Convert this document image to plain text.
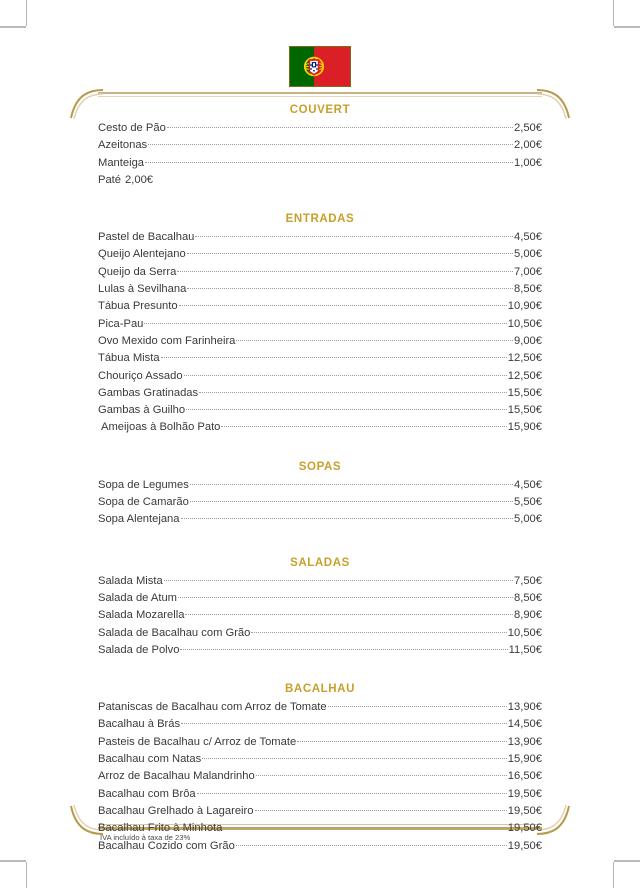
COUVERT
Cesto de Pão	2,50€
Azeitonas	2,00€
Manteiga	1,00€
Paté 2,00€
ENTRADAS
Pastel de Bacalhau	4,50€
Queijo Alentejano	5,00€
Queijo da Serra	7,00€
Lulas à Sevilhana	8,50€
Tábua Presunto	10,90€
Pica-Pau	10,50€
Ovo Mexido com Farinheira	9,00€
Tábua Mista	12,50€
Chouriço Assado	12,50€
Gambas Gratinadas	15,50€
Gambas à Guilho	15,50€
Ameijoas à Bolhão Pato	15,90€
SOPAS
Sopa de Legumes	4,50€
Sopa de Camarão	5,50€
Sopa Alentejana	5,00€
SALADAS
Salada Mista	7,50€
Salada de Atum	8,50€
Salada Mozarella	8,90€
Salada de Bacalhau com Grão	10,50€
Salada de Polvo	11,50€
BACALHAU
Pataniscas de Bacalhau com Arroz de Tomate	13,90€
Bacalhau à Brás	14,50€
Pasteis de Bacalhau c/ Arroz de Tomate	13,90€
Bacalhau com Natas	15,90€
Arroz de Bacalhau Malandrinho	16,50€
Bacalhau com Brôa	19,50€
Bacalhau Grelhado à Lagareiro	19,50€
Bacalhau Frito à Minhota	19,50€
Bacalhau Cozido com Grão	19,50€
IVA incluído à taxa de 23%
